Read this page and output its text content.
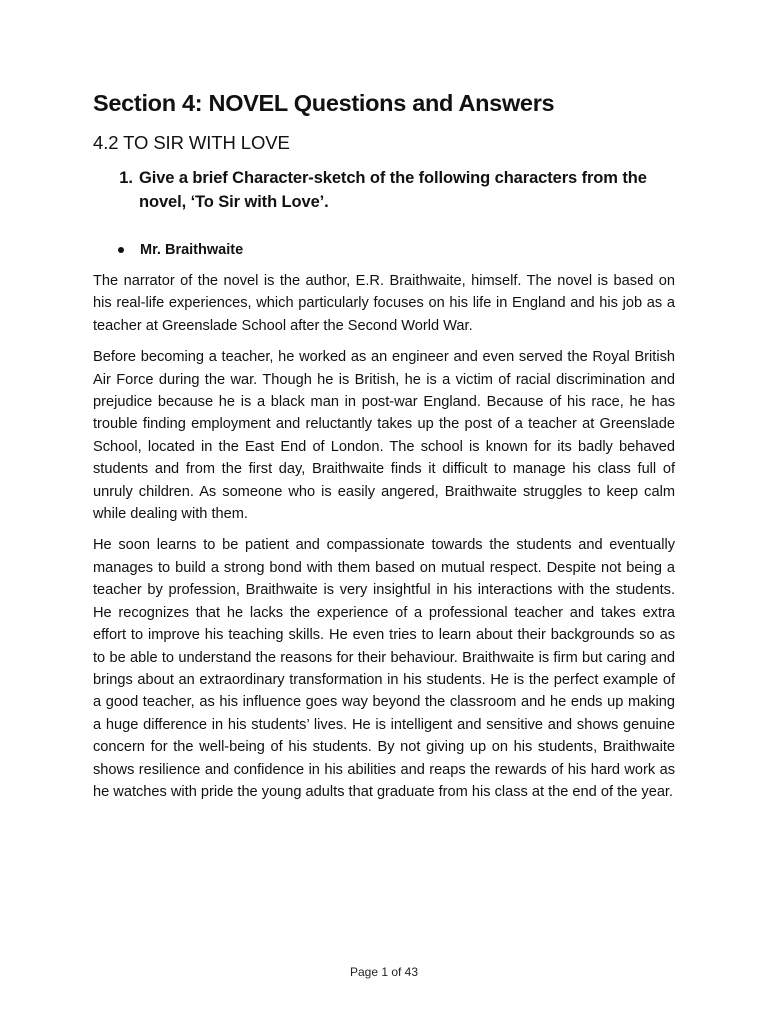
Section 4: NOVEL Questions and Answers
4.2 TO SIR WITH LOVE
1. Give a brief Character-sketch of the following characters from the novel, ‘To Sir with Love’.
Mr. Braithwaite

The narrator of the novel is the author, E.R. Braithwaite, himself. The novel is based on his real-life experiences, which particularly focuses on his life in England and his job as a teacher at Greenslade School after the Second World War.

Before becoming a teacher, he worked as an engineer and even served the Royal British Air Force during the war. Though he is British, he is a victim of racial discrimination and prejudice because he is a black man in post-war England. Because of his race, he has trouble finding employment and reluctantly takes up the post of a teacher at Greenslade School, located in the East End of London. The school is known for its badly behaved students and from the first day, Braithwaite finds it difficult to manage his class full of unruly children. As someone who is easily angered, Braithwaite struggles to keep calm while dealing with them.

He soon learns to be patient and compassionate towards the students and eventually manages to build a strong bond with them based on mutual respect. Despite not being a teacher by profession, Braithwaite is very insightful in his interactions with the students. He recognizes that he lacks the experience of a professional teacher and takes extra effort to improve his teaching skills. He even tries to learn about their backgrounds so as to be able to understand the reasons for their behaviour. Braithwaite is firm but caring and brings about an extraordinary transformation in his students. He is the perfect example of a good teacher, as his influence goes way beyond the classroom and he ends up making a huge difference in his students’ lives. He is intelligent and sensitive and shows genuine concern for the well-being of his students. By not giving up on his students, Braithwaite shows resilience and confidence in his abilities and reaps the rewards of his hard work as he watches with pride the young adults that graduate from his class at the end of the year.

Page 1 of 43
